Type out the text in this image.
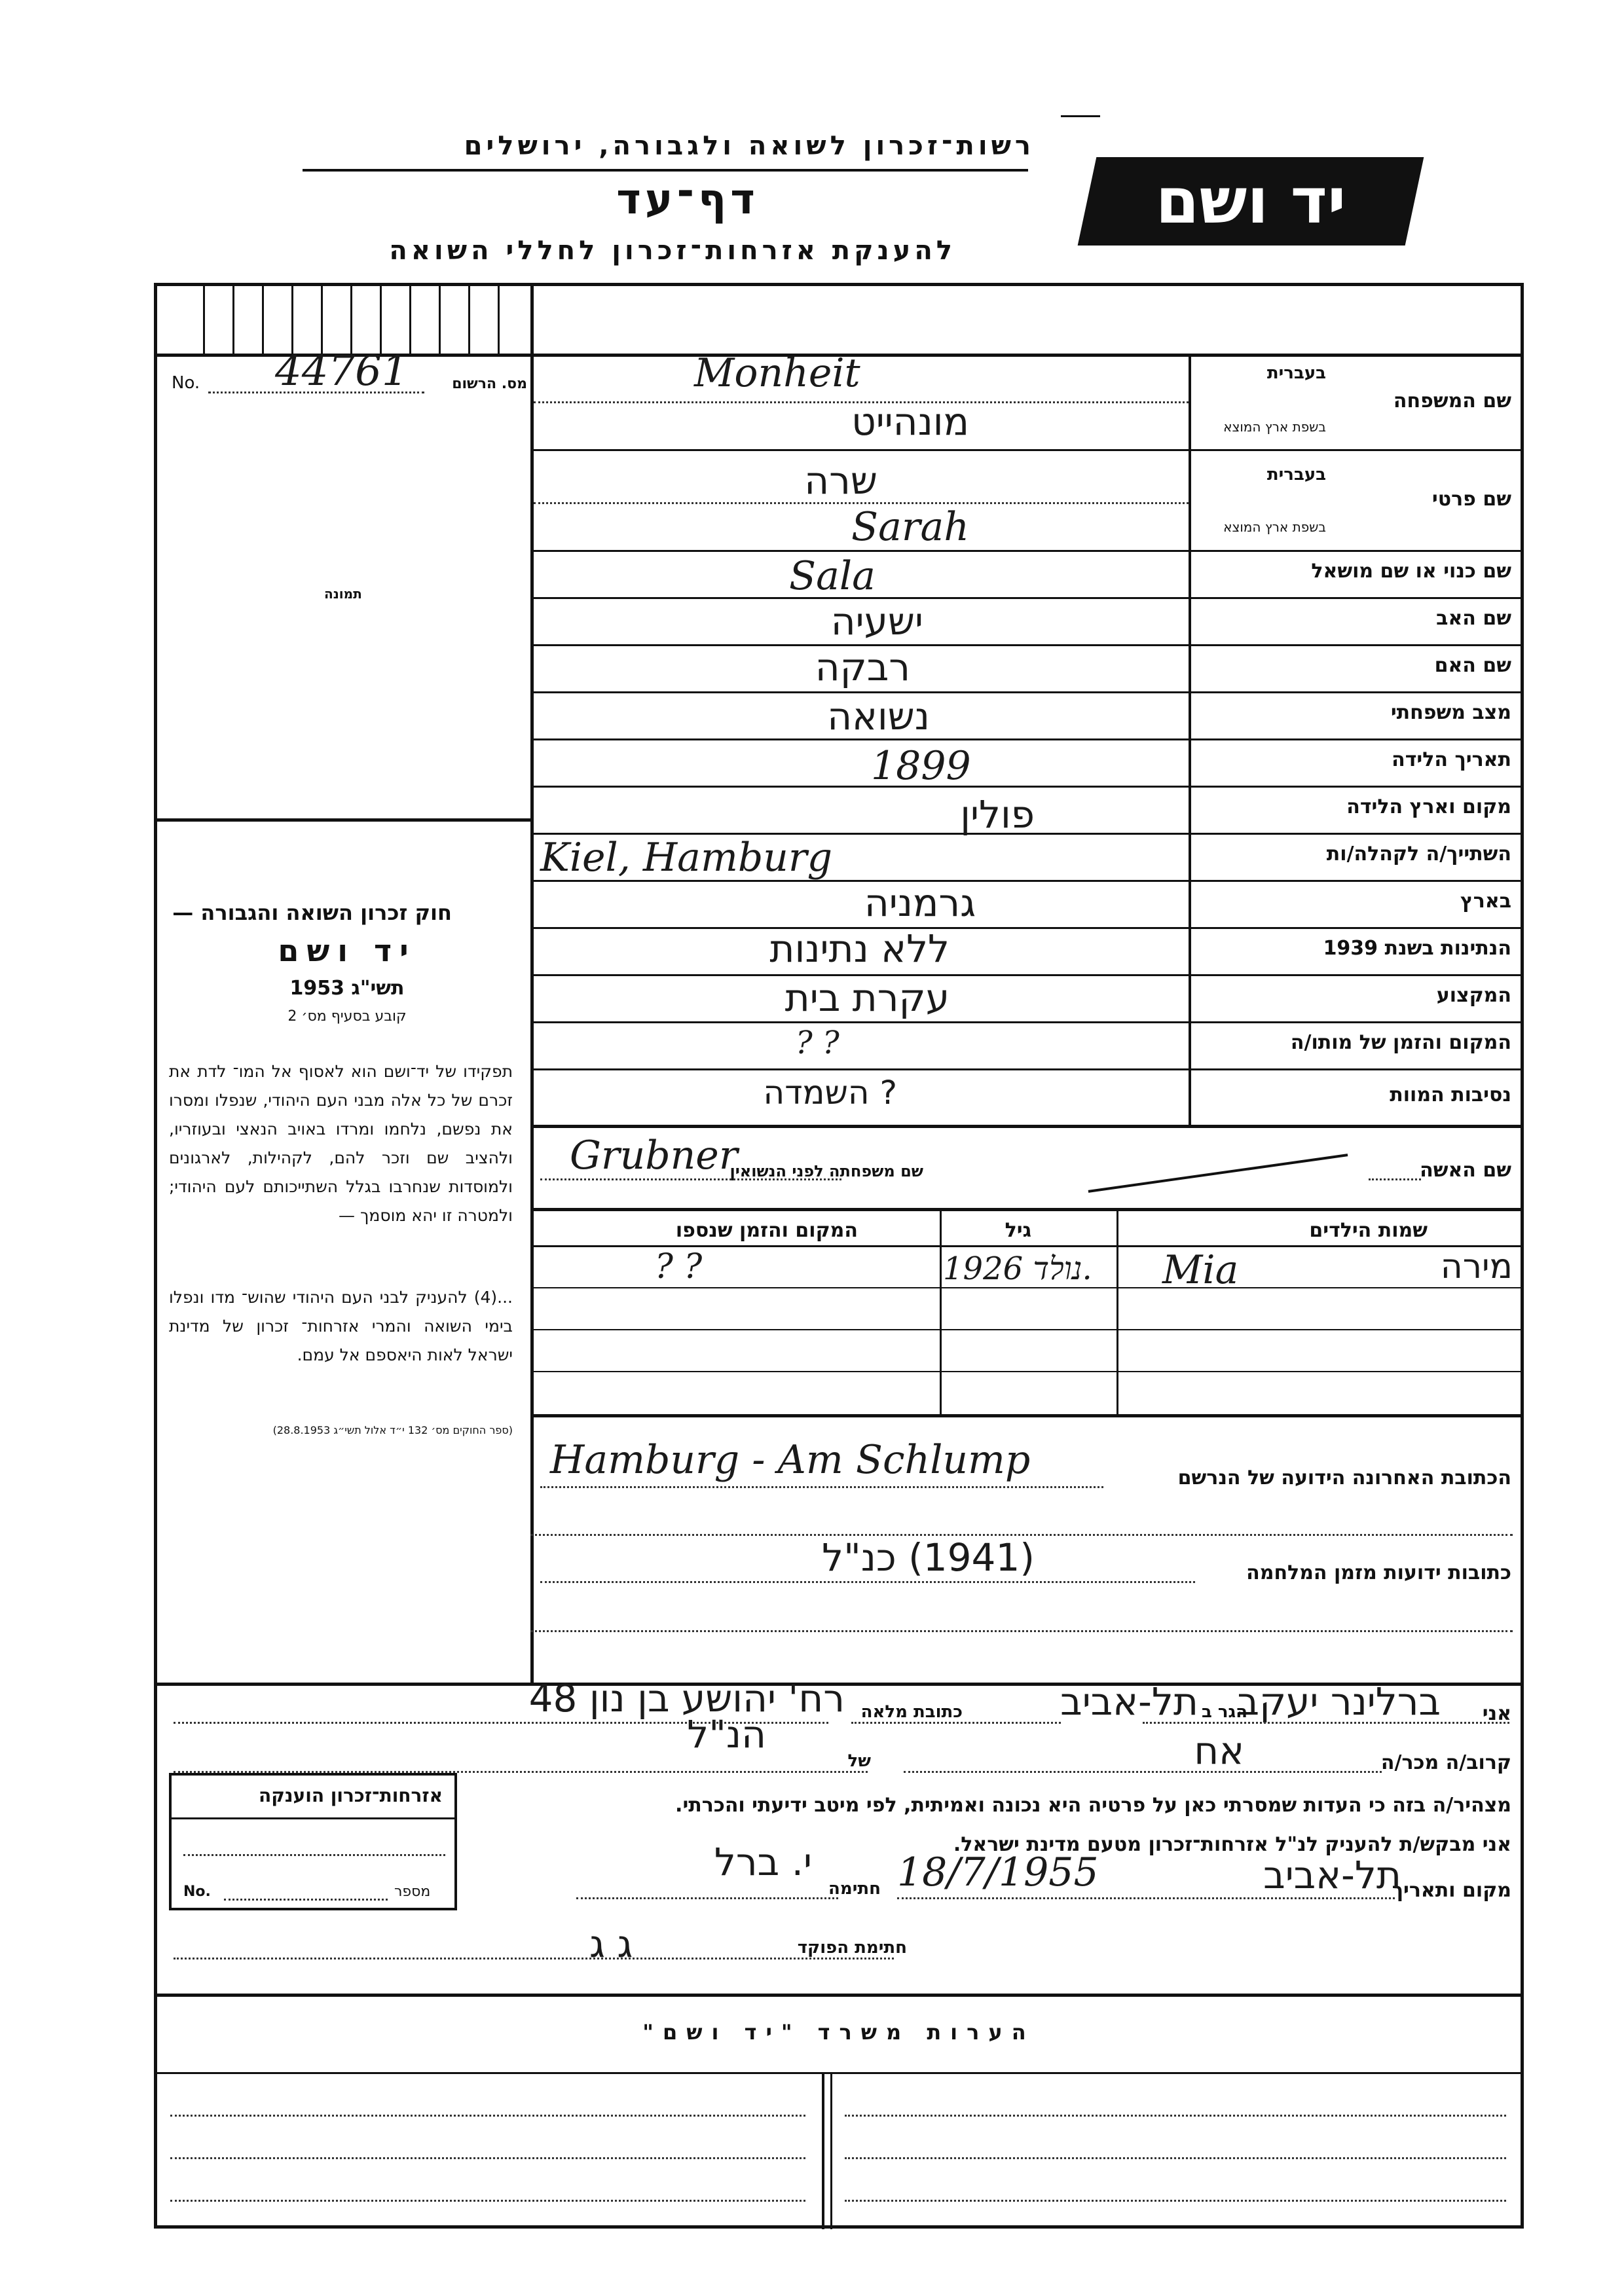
רשות־זכרון לשואה ולגבורה, ירושלים
דף־עד
להענקת אזרחות־זכרון לחללי השואה
יד ושם
No. 44761	מס. הרשום
תמונה
חוק זכרון השואה והגבורה —
יד ושם
תשי"ג 1953
קובע בסעיף מס׳ 2
תפקידו של יד־ושם הוא לאסוף אל המו־ לדת את זכרם של כל אלה מבני העם היהודי, שנפלו ומסרו את נפשם, נלחמו ומרדו באויב הנאצי ובעוזריו, ולהציב שם וזכר להם, לקהילות, לארגונים ולמוסדות שנחרבו בגלל השתייכותם לעם היהודי; ולמטרה זו יהא מוסמך —
...(4) להעניק לבני העם היהודי שהוש־ מדו ונפלו בימי השואה והמרי אזרחות־ זכרון של מדינת ישראל לאות היאספם אל עמם.
(ספר החוקים מס׳ 132 י״ד אלול תשי״ג 28.8.1953)
שם המשפחה
בעברית
בשפת ארץ המוצא
שם פרטי
בעברית
בשפת ארץ המוצא
שם כנוי או שם מושאל
שם האב
שם האם
מצב משפחתי
תאריך הלידה
מקום וארץ הלידה
השתייך/ה לקהלה/ות
בארץ
הנתינות בשנת 1939
המקצוע
המקום והזמן של מותו/ה
נסיבות המוות
Monheit
מונהייט
שרה
Sarah
Sala
ישעיה
רבקה
נשואה
1899
פולין
Kiel, Hamburg
גרמניה
ללא נתינות
עקרת בית
? ?
? השמדה
שם האשה
שם משפחתה לפני הנשואין
Grubner
שמות הילדים
גיל
המקום והזמן שנספו
מירה
Mia
1926 נולד.
? ?
הכתובת האחרונה הידועה של הנרשם
Hamburg - Am Schlump
כתובות ידועות מזמן המלחמה
(1941) כנ"ל
אני
ברלינר יעקב
הגר ב
תל-אביב
כתובת מלאה
רח' יהושע בן נון 48
קרוב/ה מכר/ה
אח
של
הנ"ל
מצהיר/ה בזה כי העדות שמסרתי כאן על פרטיה היא נכונה ואמיתית, לפי מיטב ידיעתי והכרתי.
אני מבקש/ת להעניק לנ"ל אזרחות־זכרון מטעם מדינת ישראל.
מקום ותאריך
תל-אביב
18/7/1955
חתימה
י. ברל
חתימת הפוקד
ג ג
אזרחות־זכרון הוענקה
No.	מספר
הערות משרד "יד ושם"
